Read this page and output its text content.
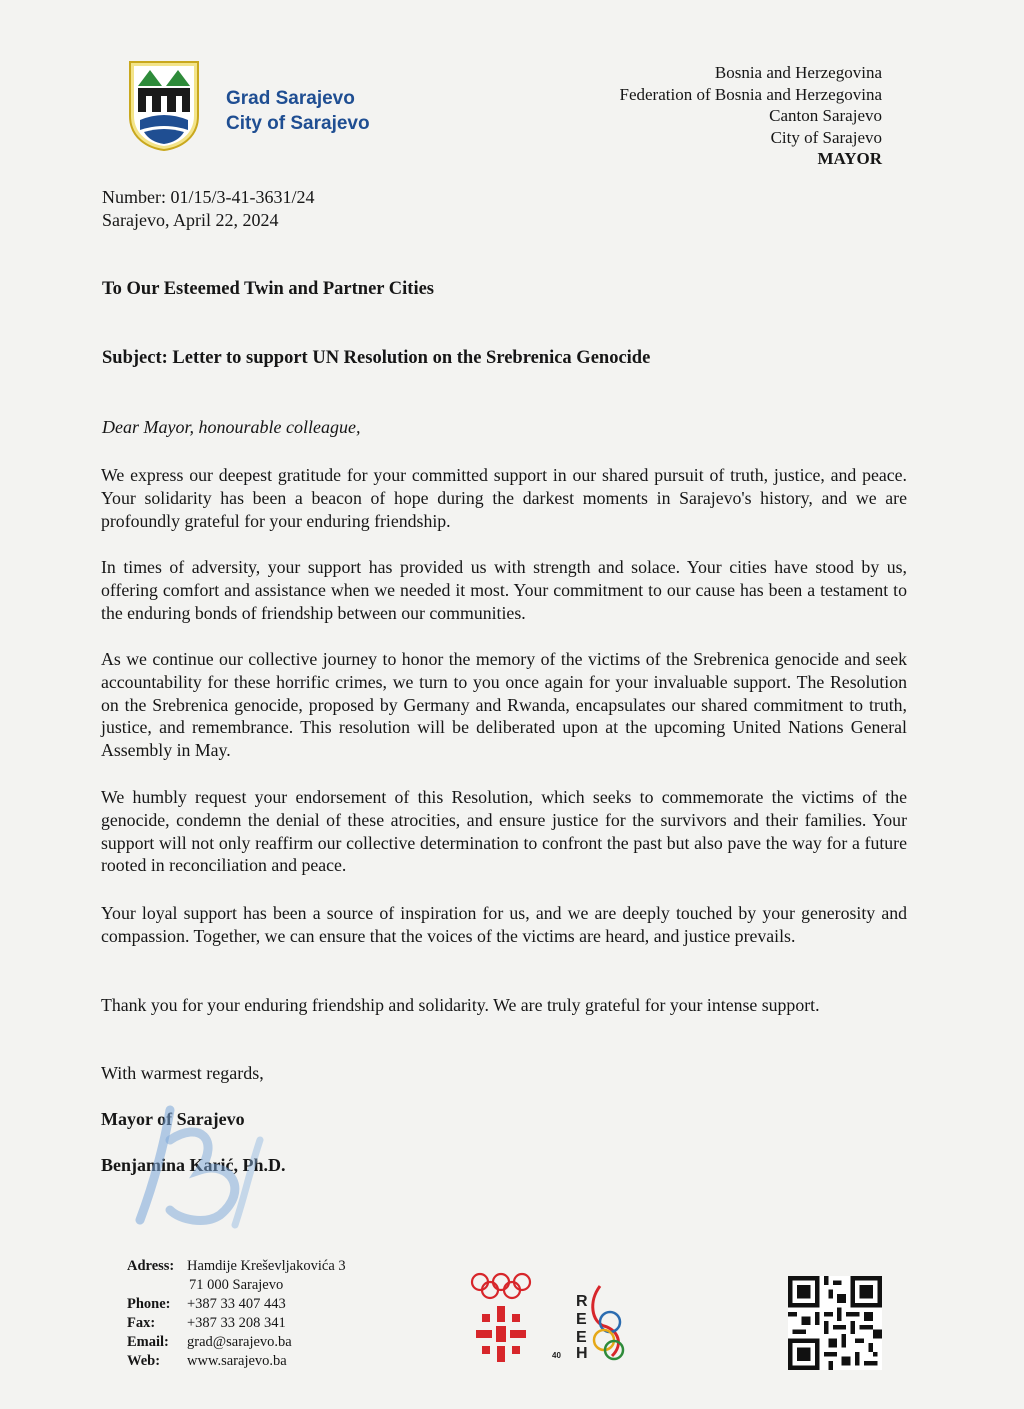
Grad Sarajevo
City of Sarajevo
Bosnia and Herzegovina
Federation of Bosnia and Herzegovina
Canton Sarajevo
City of Sarajevo
MAYOR
Number: 01/15/3-41-3631/24
Sarajevo, April 22, 2024
To Our Esteemed Twin and Partner Cities
Subject: Letter to support UN Resolution on the Srebrenica Genocide
Dear Mayor, honourable colleague,
We express our deepest gratitude for your committed support in our shared pursuit of truth, justice, and peace. Your solidarity has been a beacon of hope during the darkest moments in Sarajevo's history, and we are profoundly grateful for your enduring friendship.
In times of adversity, your support has provided us with strength and solace. Your cities have stood by us, offering comfort and assistance when we needed it most. Your commitment to our cause has been a testament to the enduring bonds of friendship between our communities.
As we continue our collective journey to honor the memory of the victims of the Srebrenica genocide and seek accountability for these horrific crimes, we turn to you once again for your invaluable support. The Resolution on the Srebrenica genocide, proposed by Germany and Rwanda, encapsulates our shared commitment to truth, justice, and remembrance. This resolution will be deliberated upon at the upcoming United Nations General Assembly in May.
We humbly request your endorsement of this Resolution, which seeks to commemorate the victims of the genocide, condemn the denial of these atrocities, and ensure justice for the survivors and their families. Your support will not only reaffirm our collective determination to confront the past but also pave the way for a future rooted in reconciliation and peace.
Your loyal support has been a source of inspiration for us, and we are deeply touched by your generosity and compassion. Together, we can ensure that the voices of the victims are heard, and justice prevails.
Thank you for your enduring friendship and solidarity. We are truly grateful for your intense support.
With warmest regards,
Mayor of Sarajevo
Benjamina Karić, Ph.D.
Adress: Hamdije Kreševljakovića 3
71 000 Sarajevo
Phone:	+387 33 407 443
Fax:	+387 33 208 341
Email:	grad@sarajevo.ba
Web:	www.sarajevo.ba
R
E
E
H
40
